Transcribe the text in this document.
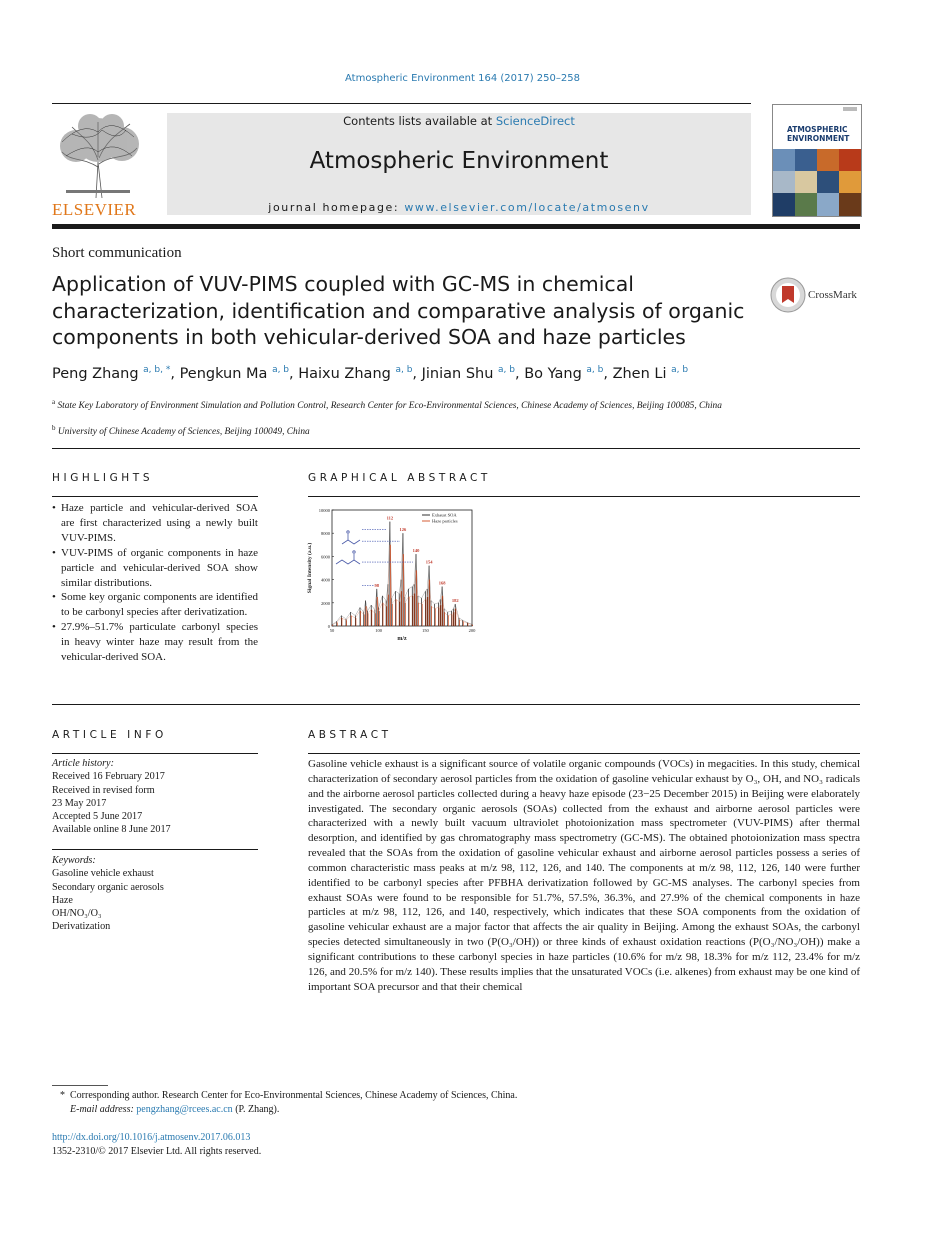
Atmospheric Environment 164 (2017) 250–258
ELSEVIER
Contents lists available at ScienceDirect
Atmospheric Environment
journal homepage: www.elsevier.com/locate/atmosenv
ATMOSPHERIC
ENVIRONMENT
Short communication
Application of VUV-PIMS coupled with GC-MS in chemical characterization, identification and comparative analysis of organic components in both vehicular-derived SOA and haze particles
CrossMark
Peng Zhang $^{a, b, *}$, Pengkun Ma $^{a, b}$, Haixu Zhang $^{a, b}$, Jinian Shu $^{a, b}$, Bo Yang $^{a, b}$, Zhen Li $^{a, b}$
$^a$ State Key Laboratory of Environment Simulation and Pollution Control, Research Center for Eco-Environmental Sciences, Chinese Academy of Sciences, Beijing 100085, China
$^b$ University of Chinese Academy of Sciences, Beijing 100049, China
HIGHLIGHTS
• Haze particle and vehicular-derived SOA are first characterized using a newly built VUV-PIMS.
• VUV-PIMS of organic components in haze particle and vehicular-derived SOA show similar distributions.
• Some key organic components are identified to be carbonyl species after derivatization.
• 27.9%–51.7% particulate carbonyl species in heavy winter haze may result from the vehicular-derived SOA.
GRAPHICAL ABSTRACT
0
2000
4000
6000
8000
10000
50	100	150	200
m/z
Signal Intensity (a.u.)	98
112
126
140
154
168
182
Exhaust SOA
Haze particles
ARTICLE INFO
Article history:
Received 16 February 2017
Received in revised form
23 May 2017
Accepted 5 June 2017
Available online 8 June 2017
Keywords:
Gasoline vehicle exhaust
Secondary organic aerosols
Haze
OH/NO₃/O₃
Derivatization
ABSTRACT
Gasoline vehicle exhaust is a significant source of volatile organic compounds (VOCs) in megacities. In this study, chemical characterization of secondary aerosol particles from the oxidation of gasoline vehicular exhaust by O₃, OH, and NO₃ radicals and the airborne aerosol particles collected during a heavy haze episode (23−25 December 2015) in Beijing were elaborately investigated. The secondary organic aerosols (SOAs) collected from the exhaust and airborne aerosol particles were characterized with a newly built vacuum ultraviolet photoionization mass spectrometer (VUV-PIMS) after thermal desorption, and identified by gas chromatography mass spectrometry (GC-MS). The obtained photoionization mass spectra revealed that the SOAs from the oxidation of gasoline vehicular exhaust and airborne aerosol particles possess a series of common characteristic mass peaks at m/z 98, 112, 126, and 140. The components at m/z 98, 112, 126, 140 were further identified to be carbonyl species after PFBHA derivatization followed by GC-MS analyses. The carbonyl species from exhaust SOAs were found to be responsible for 51.7%, 57.5%, 36.3%, and 27.9% of the chemical components in haze particles at m/z 98, 112, 126, and 140, respectively, which indicates that these SOA components from the oxidation of gasoline vehicular exhaust are a major factor that affects the air quality in Beijing. Among the exhaust SOAs, the carbonyl species detected simultaneously in two (P(O₃/OH)) or three kinds of exhaust oxidation reactions (P(O₃/NO₃/OH)) make a significant contributions to these carbonyl species in haze particles (10.6% for m/z 98, 18.3% for m/z 112, 23.4% for m/z 126, and 20.5% for m/z 140). These results implies that the unsaturated VOCs (i.e. alkenes) from exhaust may be one kind of important SOA precursor and that their chemical
* Corresponding author. Research Center for Eco-Environmental Sciences, Chinese Academy of Sciences, China.
E-mail address: pengzhang@rcees.ac.cn (P. Zhang).
http://dx.doi.org/10.1016/j.atmosenv.2017.06.013
1352-2310/© 2017 Elsevier Ltd. All rights reserved.
